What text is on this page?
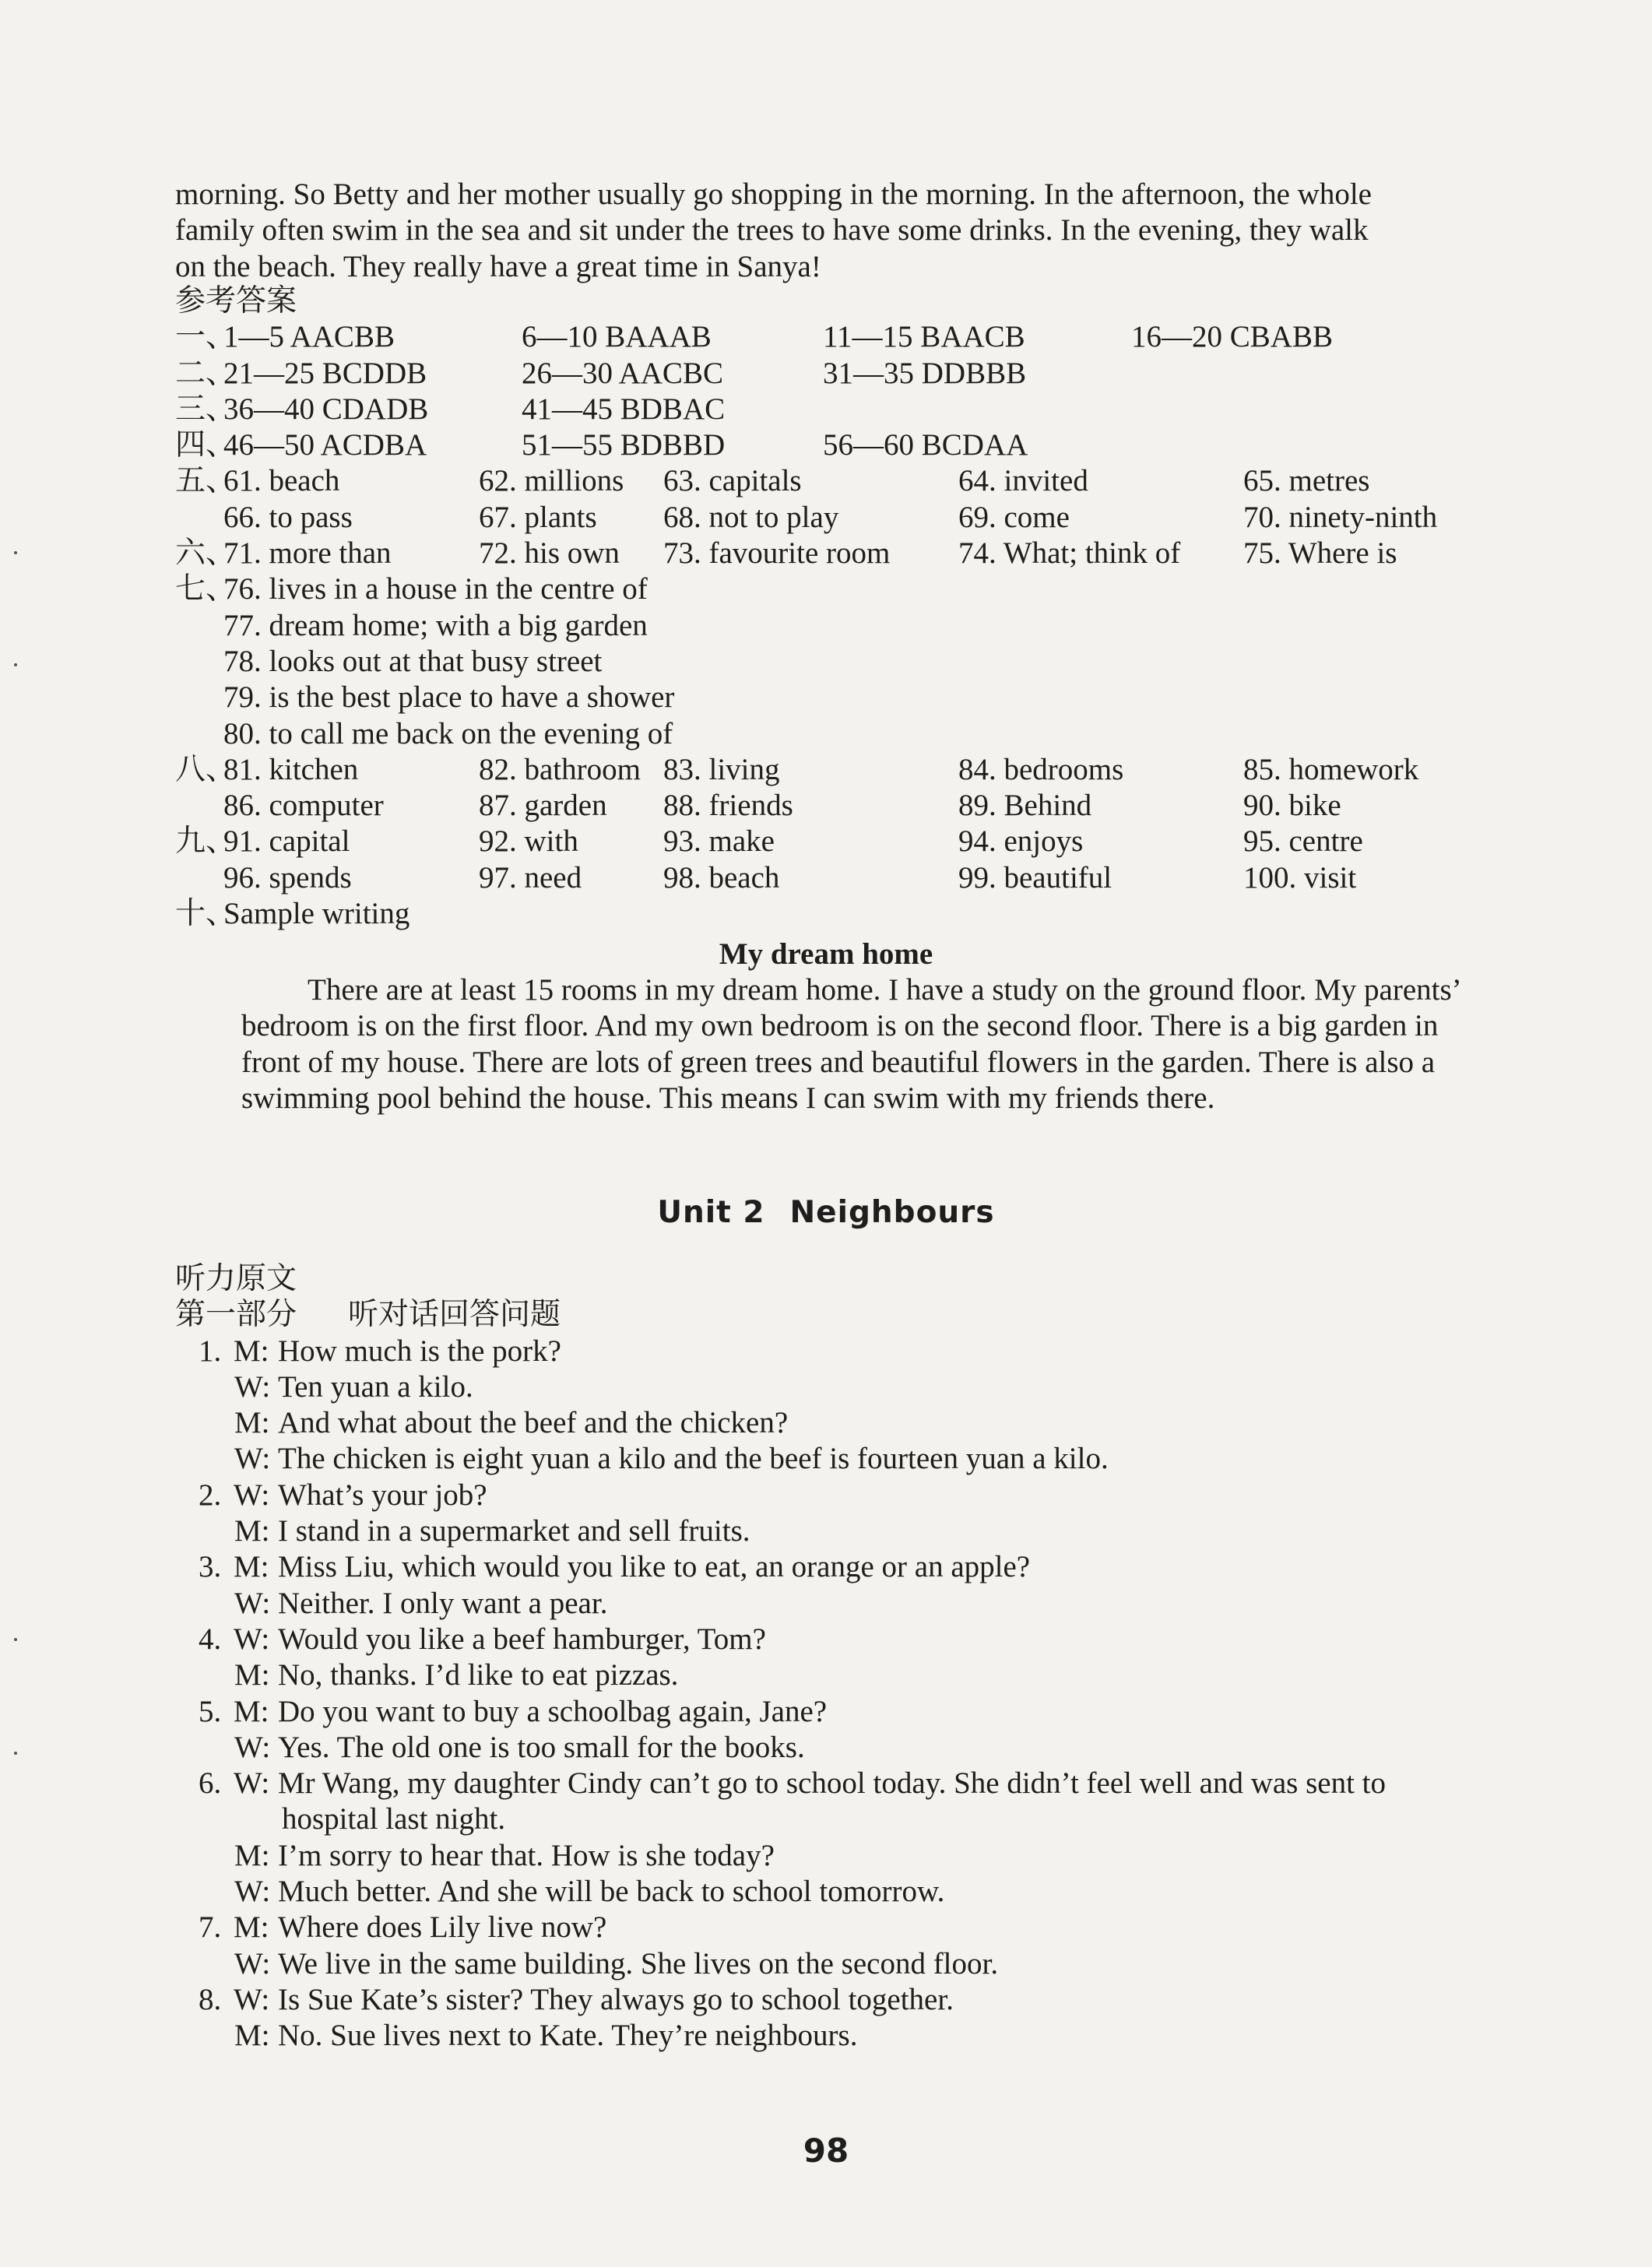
morning. So Betty and her mother usually go shopping in the morning. In the afternoon, the whole

family often swim in the sea and sit under the trees to have some drinks. In the evening, they walk

on the beach. They really have a great time in Sanya!

参考答案
一、
1—5 AACBB	6—10 BAAAB	11—15 BAACB	16—20 CBABB
二、
21—25 BCDDB	26—30 AACBC	31—35 DDBBB
三、
36—40 CDADB	41—45 BDBAC
四、
46—50 ACDBA	51—55 BDBBD	56—60 BCDAA
五、
61. beach	62. millions 63. capitals	64. invited	65. metres
66. to pass	67. plants 68. not to play	69. come	70. ninety-ninth
六、
71. more than	72. his own 73. favourite room 74. What; think of 75. Where is
七、
76. lives in a house in the centre of
77. dream home; with a big garden
78. looks out at that busy street
79. is the best place to have a shower
80. to call me back on the evening of
八、
81. kitchen	82. bathroom 83. living	84. bedrooms	85. homework
86. computer	87. garden 88. friends	89. Behind	90. bike
九、
91. capital	92. with	93. make	94. enjoys	95. centre
96. spends	97. need	98. beach	99. beautiful	100. visit
十、
Sample writing
My dream home

There are at least 15 rooms in my dream home. I have a study on the ground floor. My parents’ bedroom is on the first floor. And my own bedroom is on the second floor. There is a big garden in front of my house. There are lots of green trees and beautiful flowers in the garden. There is also a swimming pool behind the house. This means I can swim with my friends there.

Unit 2 Neighbours
听力原文
第一部分 听对话回答问题
1. M: How much is the pork?
W: Ten yuan a kilo.
M: And what about the beef and the chicken?
W: The chicken is eight yuan a kilo and the beef is fourteen yuan a kilo.
2. W: What’s your job?
M: I stand in a supermarket and sell fruits.
3. M: Miss Liu, which would you like to eat, an orange or an apple?
W: Neither. I only want a pear.
4. W: Would you like a beef hamburger, Tom?
M: No, thanks. I’d like to eat pizzas.
5. M: Do you want to buy a schoolbag again, Jane?
W: Yes. The old one is too small for the books.
6. W: Mr Wang, my daughter Cindy can’t go to school today. She didn’t feel well and was sent to
hospital last night.
M: I’m sorry to hear that. How is she today?
W: Much better. And she will be back to school tomorrow.
7. M: Where does Lily live now?
W: We live in the same building. She lives on the second floor.
8. W: Is Sue Kate’s sister? They always go to school together.
M: No. Sue lives next to Kate. They’re neighbours.
98
